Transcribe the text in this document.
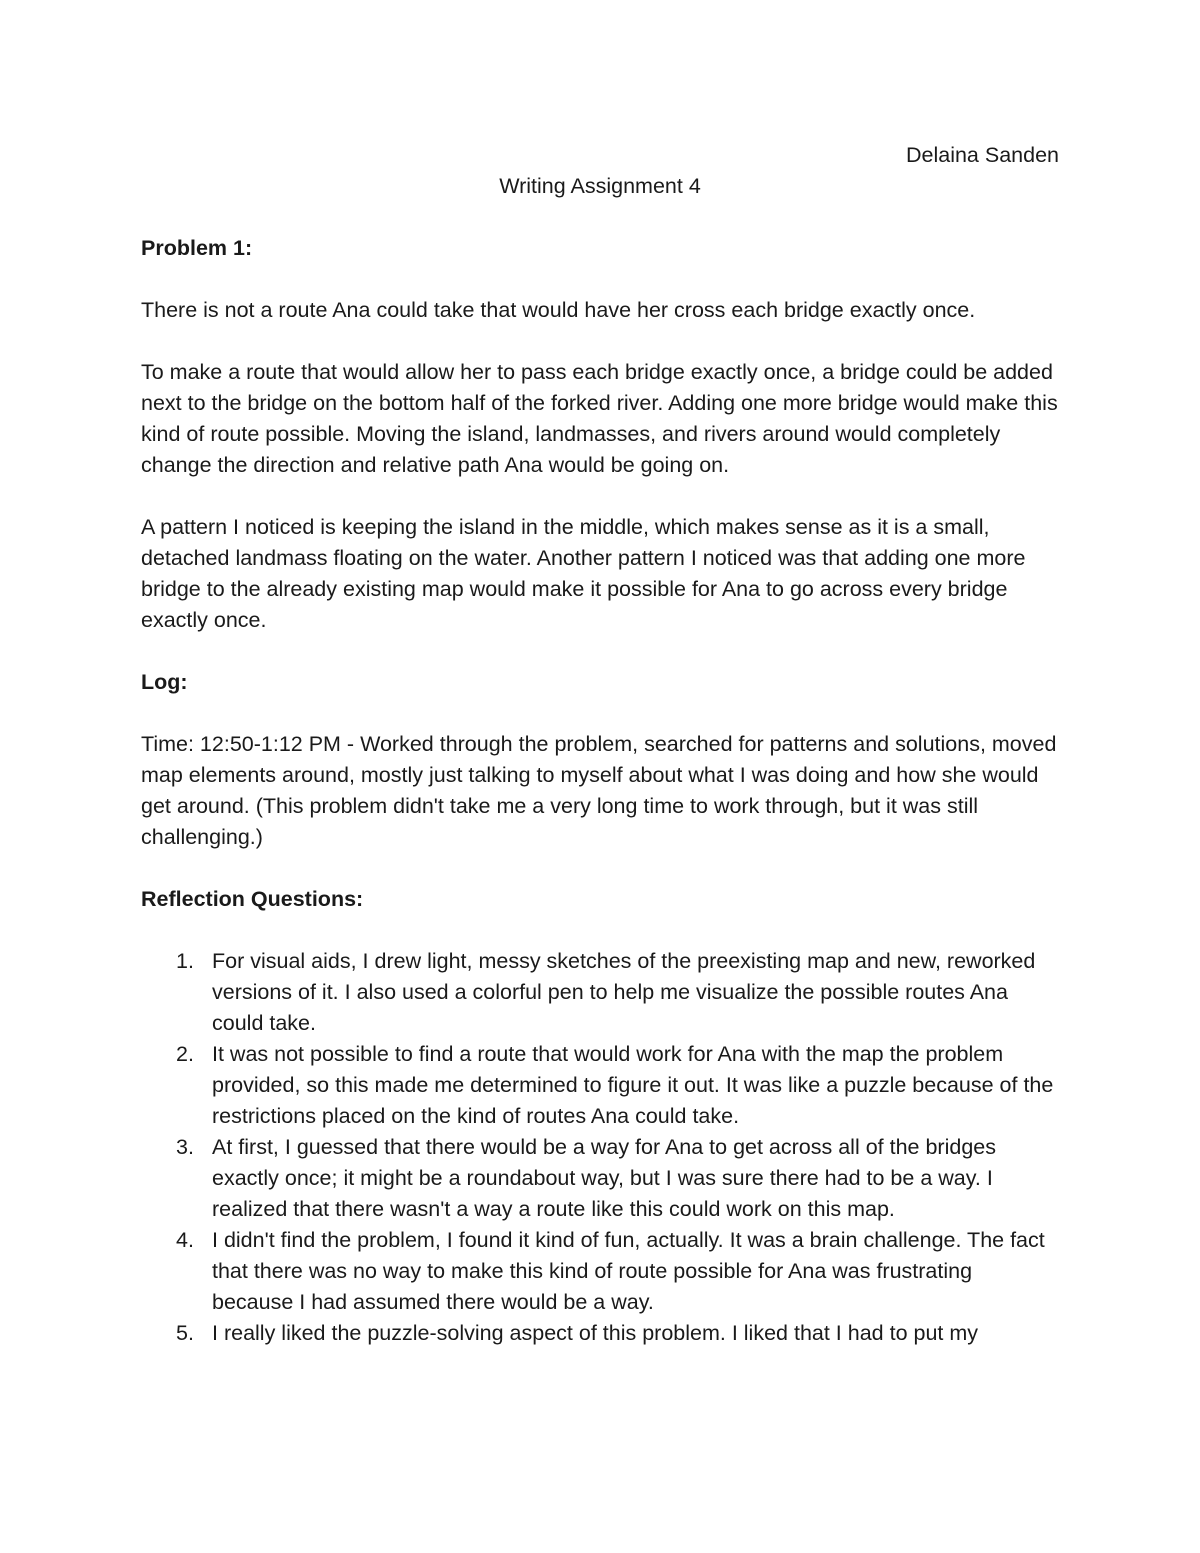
Delaina Sanden

Writing Assignment 4

Problem 1:

There is not a route Ana could take that would have her cross each bridge exactly once.

To make a route that would allow her to pass each bridge exactly once, a bridge could be added next to the bridge on the bottom half of the forked river. Adding one more bridge would make this kind of route possible. Moving the island, landmasses, and rivers around would completely change the direction and relative path Ana would be going on.

A pattern I noticed is keeping the island in the middle, which makes sense as it is a small, detached landmass floating on the water. Another pattern I noticed was that adding one more bridge to the already existing map would make it possible for Ana to go across every bridge exactly once.

Log:

Time: 12:50-1:12 PM - Worked through the problem, searched for patterns and solutions, moved map elements around, mostly just talking to myself about what I was doing and how she would get around. (This problem didn't take me a very long time to work through, but it was still challenging.)

Reflection Questions:

1. For visual aids, I drew light, messy sketches of the preexisting map and new, reworked versions of it. I also used a colorful pen to help me visualize the possible routes Ana could take.
2. It was not possible to find a route that would work for Ana with the map the problem provided, so this made me determined to figure it out. It was like a puzzle because of the restrictions placed on the kind of routes Ana could take.
3. At first, I guessed that there would be a way for Ana to get across all of the bridges exactly once; it might be a roundabout way, but I was sure there had to be a way. I realized that there wasn't a way a route like this could work on this map.
4. I didn't find the problem, I found it kind of fun, actually. It was a brain challenge. The fact that there was no way to make this kind of route possible for Ana was frustrating because I had assumed there would be a way.
5. I really liked the puzzle-solving aspect of this problem. I liked that I had to put my
